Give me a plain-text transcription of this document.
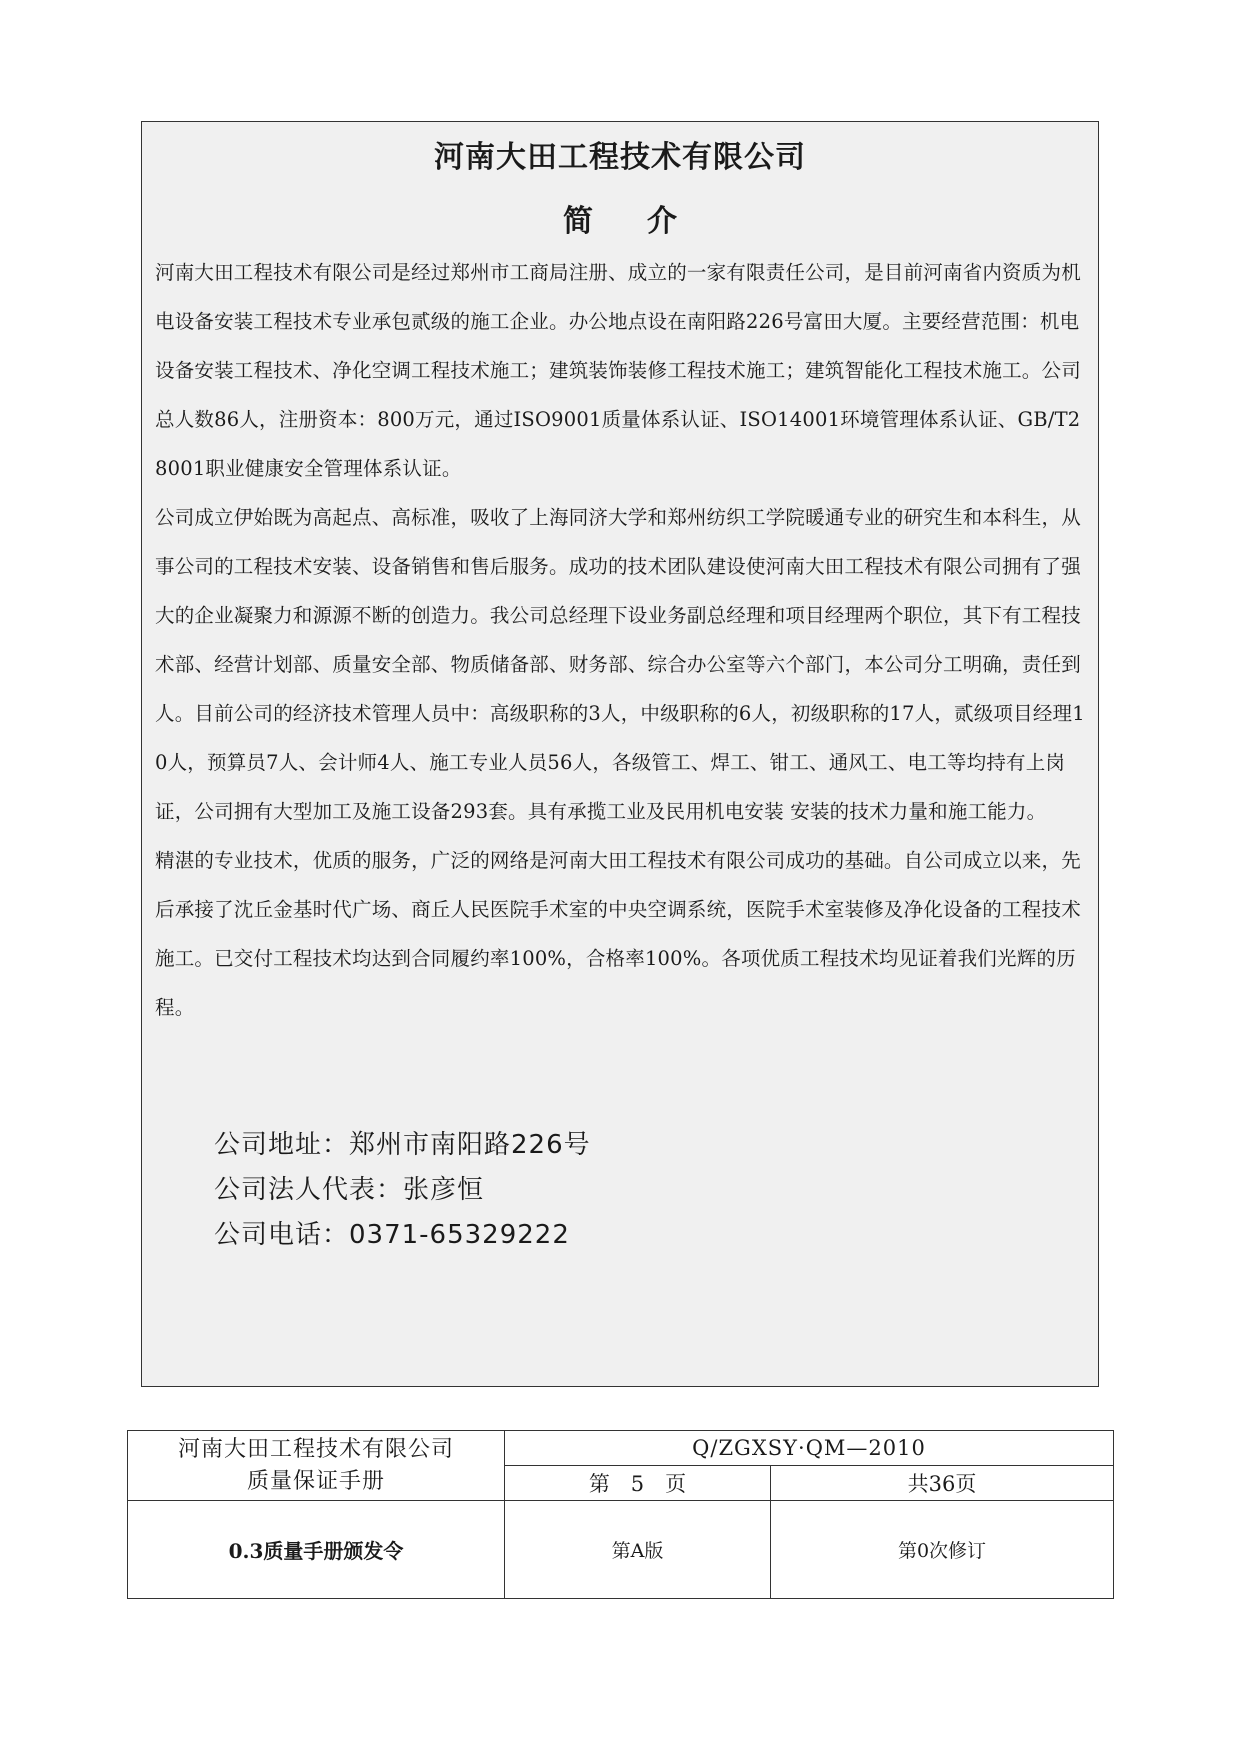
河南大田工程技术有限公司
简介

河南大田工程技术有限公司是经过郑州市工商局注册、成立的一家有限责任公司，是目前河南省内资质为机电设备安装工程技术专业承包贰级的施工企业。办公地点设在南阳路226号富田大厦。主要经营范围：机电设备安装工程技术、净化空调工程技术施工；建筑装饰装修工程技术施工；建筑智能化工程技术施工。公司总人数86人，注册资本：800万元，通过ISO9001质量体系认证、ISO14001环境管理体系认证、GB/T28001职业健康安全管理体系认证。

公司成立伊始既为高起点、高标准，吸收了上海同济大学和郑州纺织工学院暖通专业的研究生和本科生，从事公司的工程技术安装、设备销售和售后服务。成功的技术团队建设使河南大田工程技术有限公司拥有了强大的企业凝聚力和源源不断的创造力。我公司总经理下设业务副总经理和项目经理两个职位，其下有工程技术部、经营计划部、质量安全部、物质储备部、财务部、综合办公室等六个部门，本公司分工明确，责任到人。目前公司的经济技术管理人员中：高级职称的3人，中级职称的6人，初级职称的17人，贰级项目经理10人，预算员7人、会计师4人、施工专业人员56人，各级管工、焊工、钳工、通风工、电工等均持有上岗证，公司拥有大型加工及施工设备293套。具有承揽工业及民用机电安装 安装的技术力量和施工能力。

精湛的专业技术，优质的服务，广泛的网络是河南大田工程技术有限公司成功的基础。自公司成立以来，先后承接了沈丘金基时代广场、商丘人民医院手术室的中央空调系统，医院手术室装修及净化设备的工程技术施工。已交付工程技术均达到合同履约率100%，合格率100%。各项优质工程技术均见证着我们光辉的历程。

公司地址：郑州市南阳路226号
公司法人代表：张彦恒
公司电话：0371-65329222
河南大田工程技术有限公司
质量保证手册	Q/ZGXSY·QM—2010	
	第　5　页	共36页
0.3质量手册颁发令	第A版	第0次修订
